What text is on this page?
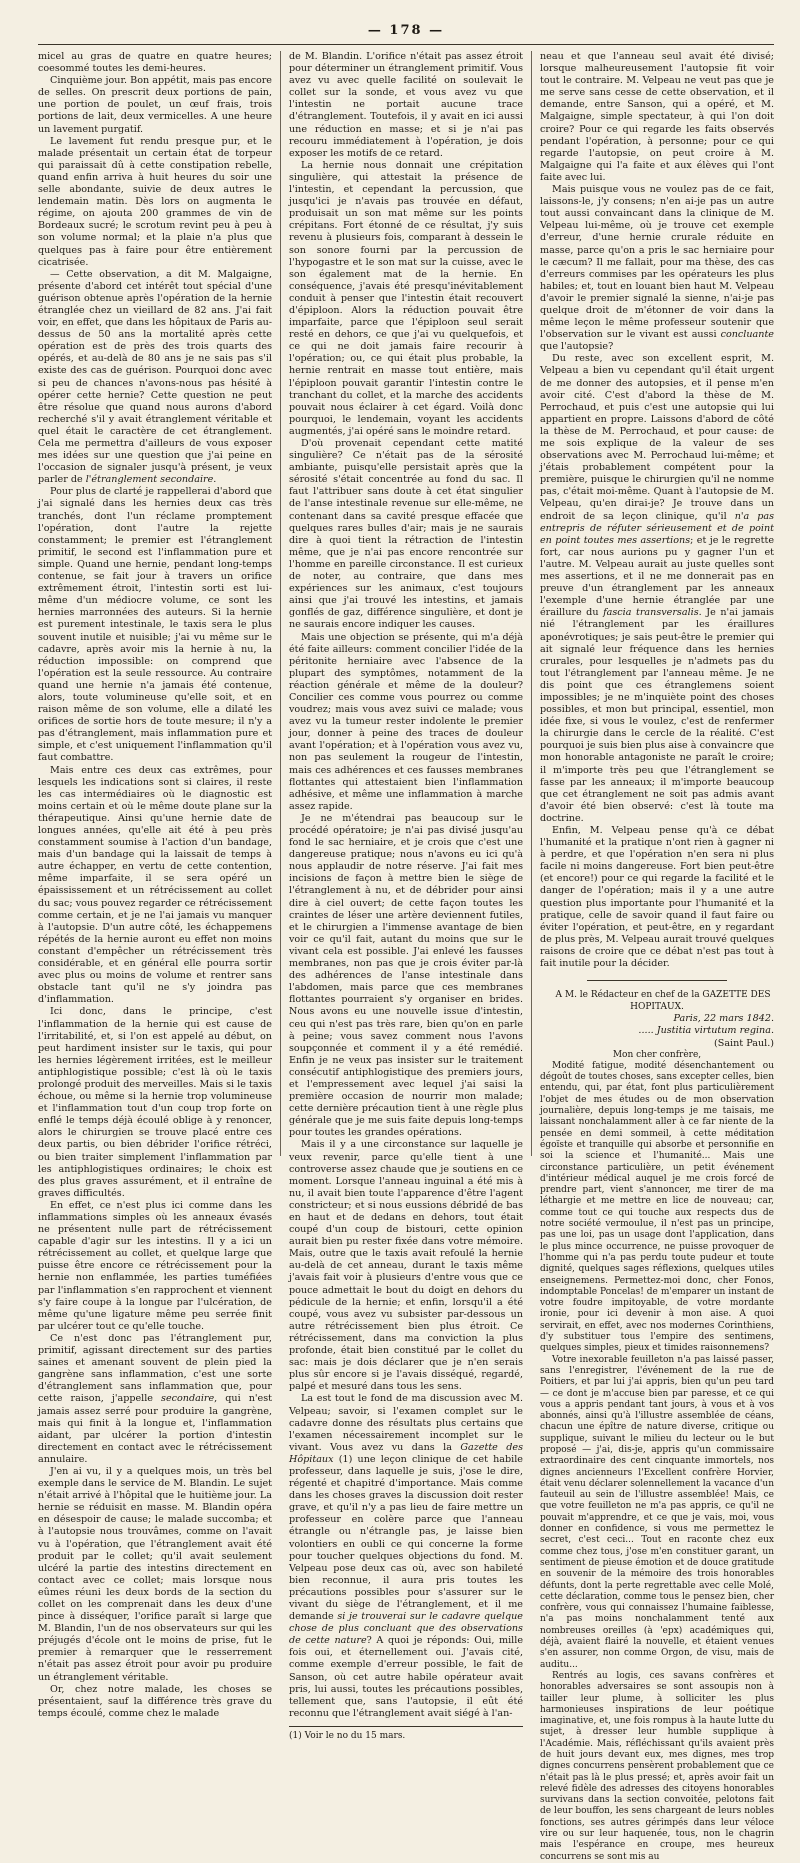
— 178 —

micel au gras de quatre en quatre heures; coesommé toutes les demi-heures.

Cinquième jour. Bon appétit, mais pas encore de selles. On prescrit deux portions de pain, une portion de poulet, un œuf frais, trois portions de lait, deux vermicelles. A une heure un lavement purgatif.

Le lavement fut rendu presque pur, et le malade présentait un certain état de torpeur qui paraissait dû à cette constipation rebelle, quand enfin arriva à huit heures du soir une selle abondante, suivie de deux autres le lendemain matin. Dès lors on augmenta le régime, on ajouta 200 grammes de vin de Bordeaux sucré; le scrotum revint peu à peu à son volume normal; et la plaie n'a plus que quelques pas à faire pour être entièrement cicatrisée.

— Cette observation, a dit M. Malgaigne, présente d'abord cet intérêt tout spécial d'une guérison obtenue après l'opération de la hernie étranglée chez un vieillard de 82 ans. J'ai fait voir, en effet, que dans les hôpitaux de Paris au-dessus de 50 ans la mortalité après cette opération est de près des trois quarts des opérés, et au-delà de 80 ans je ne sais pas s'il existe des cas de guérison. Pourquoi donc avec si peu de chances n'avons-nous pas hésité à opérer cette hernie? Cette question ne peut être résolue que quand nous aurons d'abord recherché s'il y avait étranglement véritable et quel était le caractère de cet étranglement. Cela me permettra d'ailleurs de vous exposer mes idées sur une question que j'ai peine en l'occasion de signaler jusqu'à présent, je veux parler de l'étranglement secondaire.

Pour plus de clarté je rappellerai d'abord que j'ai signalé dans les hernies deux cas très tranchés, dont l'un réclame promptement l'opération, dont l'autre la rejette constamment; le premier est l'étranglement primitif, le second est l'inflammation pure et simple. Quand une hernie, pendant long-temps contenue, se fait jour à travers un orifice extrêmement étroit, l'intestin sorti est lui-même d'un médiocre volume, ce sont les hernies marronnées des auteurs. Si la hernie est purement intestinale, le taxis sera le plus souvent inutile et nuisible; j'ai vu même sur le cadavre, après avoir mis la hernie à nu, la réduction impossible: on comprend que l'opération est la seule ressource. Au contraire quand une hernie n'a jamais été contenue, alors, toute volumineuse qu'elle soit, et en raison même de son volume, elle a dilaté les orifices de sortie hors de toute mesure; il n'y a pas d'étranglement, mais inflammation pure et simple, et c'est uniquement l'inflammation qu'il faut combattre.

Mais entre ces deux cas extrêmes, pour lesquels les indications sont si claires, il reste les cas intermédiaires où le diagnostic est moins certain et où le même doute plane sur la thérapeutique. Ainsi qu'une hernie date de longues années, qu'elle ait été à peu près constamment soumise à l'action d'un bandage, mais d'un bandage qui la laissait de temps à autre échapper, en vertu de cette contention, même imparfaite, il se sera opéré un épaississement et un rétrécissement au collet du sac; vous pouvez regarder ce rétrécissement comme certain, et je ne l'ai jamais vu manquer à l'autopsie. D'un autre côté, les échappemens répétés de la hernie auront eu effet non moins constant d'empêcher un rétrécissement très considérable, et en général elle pourra sortir avec plus ou moins de volume et rentrer sans obstacle tant qu'il ne s'y joindra pas d'inflammation.

Ici donc, dans le principe, c'est l'inflammation de la hernie qui est cause de l'irritabilité, et, si l'on est appelé au début, on peut hardiment insister sur le taxis, qui pour les hernies légèrement irritées, est le meilleur antiphlogistique possible; c'est là où le taxis prolongé produit des merveilles. Mais si le taxis échoue, ou même si la hernie trop volumineuse et l'inflammation tout d'un coup trop forte on enflé le temps déjà écoulé oblige à y renoncer, alors le chirurgien se trouve placé entre ces deux partis, ou bien débrider l'orifice rétréci, ou bien traiter simplement l'inflammation par les antiphlogistiques ordinaires; le choix est des plus graves assurément, et il entraîne de graves difficultés.

En effet, ce n'est plus ici comme dans les inflammations simples où les anneaux évasés ne présentent nulle part de rétrécissement capable d'agir sur les intestins. Il y a ici un rétrécissement au collet, et quelque large que puisse être encore ce rétrécissement pour la hernie non enflammée, les parties tuméfiées par l'inflammation s'en rapprochent et viennent s'y faire coupe à la longue par l'ulcération, de même qu'une ligature même peu serrée finit par ulcérer tout ce qu'elle touche.

Ce n'est donc pas l'étranglement pur, primitif, agissant directement sur des parties saines et amenant souvent de plein pied la gangrène sans inflammation, c'est une sorte d'étranglement sans inflammation que, pour cette raison, j'appelle secondaire, qui n'est jamais assez serré pour produire la gangrène, mais qui finit à la longue et, l'inflammation aidant, par ulcérer la portion d'intestin directement en contact avec le rétrécissement annulaire.

J'en ai vu, il y a quelques mois, un très bel exemple dans le service de M. Blandin. Le sujet n'était arrivé à l'hôpital que le huitième jour. La hernie se réduisit en masse. M. Blandin opéra en désespoir de cause; le malade succomba; et à l'autopsie nous trouvâmes, comme on l'avait vu à l'opération, que l'étranglement avait été produit par le collet; qu'il avait seulement ulcéré la partie des intestins directement en contact avec ce collet; mais lorsque nous eûmes réuni les deux bords de la section du collet on les comprenait dans les deux d'une pince à disséquer, l'orifice paraît si large que M. Blandin, l'un de nos observateurs sur qui les préjugés d'école ont le moins de prise, fut le premier à remarquer que le resserrement n'était pas assez étroit pour avoir pu produire un étranglement véritable.

Or, chez notre malade, les choses se présentaient, sauf la différence très grave du temps écoulé, comme chez le malade

de M. Blandin. L'orifice n'était pas assez étroit pour déterminer un étranglement primitif. Vous avez vu avec quelle facilité on soulevait le collet sur la sonde, et vous avez vu que l'intestin ne portait aucune trace d'étranglement. Toutefois, il y avait en ici aussi une réduction en masse; et si je n'ai pas recouru immédiatement à l'opération, je dois exposer les motifs de ce retard.

La hernie nous donnait une crépitation singulière, qui attestait la présence de l'intestin, et cependant la percussion, que jusqu'ici je n'avais pas trouvée en défaut, produisait un son mat même sur les points crépitans. Fort étonné de ce résultat, j'y suis revenu à plusieurs fois, comparant à dessein le son sonore fourni par la percussion de l'hypogastre et le son mat sur la cuisse, avec le son également mat de la hernie. En conséquence, j'avais été presqu'inévitablement conduit à penser que l'intestin était recouvert d'épiploon. Alors la réduction pouvait être imparfaite, parce que l'épiploon seul serait resté en dehors, ce que j'ai vu quelquefois, et ce qui ne doit jamais faire recourir à l'opération; ou, ce qui était plus probable, la hernie rentrait en masse tout entière, mais l'épiploon pouvait garantir l'intestin contre le tranchant du collet, et la marche des accidents pouvait nous éclairer à cet égard. Voilà donc pourquoi, le lendemain, voyant les accidents augmentés, j'ai opéré sans le moindre retard.

D'où provenait cependant cette matité singulière? Ce n'était pas de la sérosité ambiante, puisqu'elle persistait après que la sérosité s'était concentrée au fond du sac. Il faut l'attribuer sans doute à cet état singulier de l'anse intestinale revenue sur elle-même, ne contenant dans sa cavité presque effacée que quelques rares bulles d'air; mais je ne saurais dire à quoi tient la rétraction de l'intestin même, que je n'ai pas encore rencontrée sur l'homme en pareille circonstance. Il est curieux de noter, au contraire, que dans mes expériences sur les animaux, c'est toujours ainsi que j'ai trouvé les intestins, et jamais gonflés de gaz, différence singulière, et dont je ne saurais encore indiquer les causes.

Mais une objection se présente, qui m'a déjà été faite ailleurs: comment concilier l'idée de la péritonite herniaire avec l'absence de la plupart des symptômes, notamment de la réaction générale et même de la douleur? Concilier ces comme vous pourrez ou comme voudrez; mais vous avez suivi ce malade; vous avez vu la tumeur rester indolente le premier jour, donner à peine des traces de douleur avant l'opération; et à l'opération vous avez vu, non pas seulement la rougeur de l'intestin, mais ces adhérences et ces fausses membranes flottantes qui attestaient bien l'inflammation adhésive, et même une inflammation à marche assez rapide.

Je ne m'étendrai pas beaucoup sur le procédé opératoire; je n'ai pas divisé jusqu'au fond le sac herniaire, et je crois que c'est une dangereuse pratique; nous n'avons eu ici qu'à nous applaudir de notre réserve. J'ai fait mes incisions de façon à mettre bien le siège de l'étranglement à nu, et de débrider pour ainsi dire à ciel ouvert; de cette façon toutes les craintes de léser une artère deviennent futiles, et le chirurgien a l'immense avantage de bien voir ce qu'il fait, autant du moins que sur le vivant cela est possible. J'ai enlevé les fausses membranes, non pas que je crois éviter par-là des adhérences de l'anse intestinale dans l'abdomen, mais parce que ces membranes flottantes pourraient s'y organiser en brides. Nous avons eu une nouvelle issue d'intestin, ceu qui n'est pas très rare, bien qu'on en parle à peine; vous savez comment nous l'avons soupçonnée et comment il y a été remédié. Enfin je ne veux pas insister sur le traitement consécutif antiphlogistique des premiers jours, et l'empressement avec lequel j'ai saisi la première occasion de nourrir mon malade; cette dernière précaution tient à une règle plus générale que je me suis faite depuis long-temps pour toutes les grandes opérations.

Mais il y a une circonstance sur laquelle je veux revenir, parce qu'elle tient à une controverse assez chaude que je soutiens en ce moment. Lorsque l'anneau inguinal a été mis à nu, il avait bien toute l'apparence d'être l'agent constricteur; et si nous eussions débridé de bas en haut et de dedans en dehors, tout était coupé d'un coup de bistouri, cette opinion aurait bien pu rester fixée dans votre mémoire. Mais, outre que le taxis avait refoulé la hernie au-delà de cet anneau, durant le taxis même j'avais fait voir à plusieurs d'entre vous que ce pouce admettait le bout du doigt en dehors du pédicule de la hernie; et enfin, lorsqu'il a été coupé, vous avez vu subsister par-dessous un autre rétrécissement bien plus étroit. Ce rétrécissement, dans ma conviction la plus profonde, était bien constitué par le collet du sac: mais je dois déclarer que je n'en serais plus sûr encore si je l'avais disséqué, regardé, palpé et mesuré dans tous les sens.

La est tout le fond de ma discussion avec M. Velpeau; savoir, si l'examen complet sur le cadavre donne des résultats plus certains que l'examen nécessairement incomplet sur le vivant. Vous avez vu dans la Gazette des Hôpitaux (1) une leçon clinique de cet habile professeur, dans laquelle je suis, j'ose le dire, régenté et chapitré d'importance. Mais comme dans les choses graves la discussion doit rester grave, et qu'il n'y a pas lieu de faire mettre un professeur en colère parce que l'anneau étrangle ou n'étrangle pas, je laisse bien volontiers en oubli ce qui concerne la forme pour toucher quelques objections du fond. M. Velpeau pose deux cas où, avec son habileté bien reconnue, il aura pris toutes les précautions possibles pour s'assurer sur le vivant du siège de l'étranglement, et il me demande si je trouverai sur le cadavre quelque chose de plus concluant que des observations de cette nature? A quoi je réponds: Oui, mille fois oui, et éternellement oui. J'avais cité, comme exemple d'erreur possible, le fait de Sanson, où cet autre habile opérateur avait pris, lui aussi, toutes les précautions possibles, tellement que, sans l'autopsie, il eût été reconnu que l'étranglement avait siégé à l'an-

(1) Voir le no du 15 mars.

neau et que l'anneau seul avait été divisé; lorsque malheureusement l'autopsie fit voir tout le contraire. M. Velpeau ne veut pas que je me serve sans cesse de cette observation, et il demande, entre Sanson, qui a opéré, et M. Malgaigne, simple spectateur, à qui l'on doit croire? Pour ce qui regarde les faits observés pendant l'opération, à personne; pour ce qui regarde l'autopsie, on peut croire à M. Malgaigne qui l'a faite et aux élèves qui l'ont faite avec lui.

Mais puisque vous ne voulez pas de ce fait, laissons-le, j'y consens; n'en ai-je pas un autre tout aussi convaincant dans la clinique de M. Velpeau lui-même, où je trouve cet exemple d'erreur, d'une hernie crurale réduite en masse, parce qu'on a pris le sac herniaire pour le cæcum? Il me fallait, pour ma thèse, des cas d'erreurs commises par les opérateurs les plus habiles; et, tout en louant bien haut M. Velpeau d'avoir le premier signalé la sienne, n'ai-je pas quelque droit de m'étonner de voir dans la même leçon le même professeur soutenir que l'observation sur le vivant est aussi concluante que l'autopsie?

Du reste, avec son excellent esprit, M. Velpeau a bien vu cependant qu'il était urgent de me donner des autopsies, et il pense m'en avoir cité. C'est d'abord la thèse de M. Perrochaud, et puis c'est une autopsie qui lui appartient en propre. Laissons d'abord de côté la thèse de M. Perrochaud, et pour cause: de me sois explique de la valeur de ses observations avec M. Perrochaud lui-même; et j'étais probablement compétent pour la première, puisque le chirurgien qu'il ne nomme pas, c'était moi-même. Quant à l'autopsie de M. Velpeau, qu'en dirai-je? Je trouve dans un endroit de sa leçon clinique, qu'il n'a pas entrepris de réfuter sérieusement et de point en point toutes mes assertions; et je le regrette fort, car nous aurions pu y gagner l'un et l'autre. M. Velpeau aurait au juste quelles sont mes assertions, et il ne me donnerait pas en preuve d'un étranglement par les anneaux l'exemple d'une hernie étranglée par une éraillure du fascia transversalis. Je n'ai jamais nié l'étranglement par les éraillures aponévrotiques; je sais peut-être le premier qui ait signalé leur fréquence dans les hernies crurales, pour lesquelles je n'admets pas du tout l'étranglement par l'anneau même. Je ne dis point que ces étranglemens soient impossibles; je ne m'inquiète point des choses possibles, et mon but principal, essentiel, mon idée fixe, si vous le voulez, c'est de renfermer la chirurgie dans le cercle de la réalité. C'est pourquoi je suis bien plus aise à convaincre que mon honorable antagoniste ne paraît le croire; il m'importe très peu que l'étranglement se fasse par les anneaux; il m'importe beaucoup que cet étranglement ne soit pas admis avant d'avoir été bien observé: c'est là toute ma doctrine.

Enfin, M. Velpeau pense qu'à ce débat l'humanité et la pratique n'ont rien à gagner ni à perdre, et que l'opération n'en sera ni plus facile ni moins dangereuse. Fort bien peut-être (et encore!) pour ce qui regarde la facilité et le danger de l'opération; mais il y a une autre question plus importante pour l'humanité et la pratique, celle de savoir quand il faut faire ou éviter l'opération, et peut-être, en y regardant de plus près, M. Velpeau aurait trouvé quelques raisons de croire que ce débat n'est pas tout à fait inutile pour la décider.

A M. le Rédacteur en chef de la GAZETTE DES HOPITAUX.

Paris, 22 mars 1842.

..... Justitia virtutum regina.

(Saint Paul.)

Mon cher confrère,

Modité fatigue, modité désenchantement ou dégoût de toutes choses, sans excepter celles, bien entendu, qui, par état, font plus particulièrement l'objet de mes études ou de mon observation journalière, depuis long-temps je me taisais, me laissant nonchalamment aller à ce far niente de la pensée en demi sommeil, à cette méditation égoïste et tranquille qui absorbe et personnifie en soi la science et l'humanité... Mais une circonstance particulière, un petit événement d'intérieur médical auquel je me crois forcé de prendre part, vient s'annoncer, me tirer de ma léthargie et me mettre en lice de nouveau; car, comme tout ce qui touche aux respects dus de notre société vermoulue, il n'est pas un principe, pas une loi, pas un usage dont l'application, dans le plus mince occurrence, ne puisse provoquer de l'homme qui n'a pas perdu toute pudeur et toute dignité, quelques sages réflexions, quelques utiles enseignemens. Permettez-moi donc, cher Fonos, indomptable Poncelas! de m'emparer un instant de votre foudre impitoyable, de votre mordante ironie, pour ici devenir à mon aise. A quoi servirait, en effet, avec nos modernes Corinthiens, d'y substituer tous l'empire des sentimens, quelques simples, pieux et timides raisonnemens?

Votre inexorable feuilleton n'a pas laissé passer, sans l'enregistrer, l'événement de la rue de Poitiers, et par lui j'ai appris, bien qu'un peu tard — ce dont je m'accuse bien par paresse, et ce qui vous a appris pendant tant jours, à vous et à vos abonnés, ainsi qu'à l'illustre assemblée de céans, chacun une épître de nature diverse, critique ou supplique, suivant le milieu du lecteur ou le but proposé — j'ai, dis-je, appris qu'un commissaire extraordinaire des cent cinquante immortels, nos dignes ancienneurs l'Excellent confrère Horvier, était venu déclarer solennellement la vacance d'un fauteuil au sein de l'illustre assemblée! Mais, ce que votre feuilleton ne m'a pas appris, ce qu'il ne pouvait m'apprendre, et ce que je vais, moi, vous donner en confidence, si vous me permettez le secret, c'est ceci... Tout en raconte chez eux comme chez tous, j'ose m'en constituer garant, un sentiment de pieuse émotion et de douce gratitude en souvenir de la mémoire des trois honorables défunts, dont la perte regrettable avec celle Molé, cette déclaration, comme tous le pensez bien, cher confrère, vous qui connaissez l'humaine faiblesse, n'a pas moins nonchalamment tenté aux nombreuses oreilles (à 'epx) académiques qui, déjà, avaient flairé la nouvelle, et étaient venues s'en assurer, non comme Orgon, de visu, mais de auditu...

Rentrés au logis, ces savans confrères et honorables adversaires se sont assoupis non à tailler leur plume, à solliciter les plus harmonieuses inspirations de leur poétique imaginative, et, une fois rompus à la haute lutte du sujet, à dresser leur humble supplique à l'Académie. Mais, réfléchissant qu'ils avaient près de huit jours devant eux, mes dignes, mes trop dignes concurrens pensèrent probablement que ce n'était pas là le plus pressé; et, après avoir fait un relevé fidèle des adresses des citoyens honorables survivans dans la section convoitée, pelotons fait de leur bouffon, les sens chargeant de leurs nobles fonctions, ses autres gérimpés dans leur véloce vire ou sur leur haquenée, tous, non le chagrin mais l'espérance en croupe, mes heureux concurrens se sont mis au
